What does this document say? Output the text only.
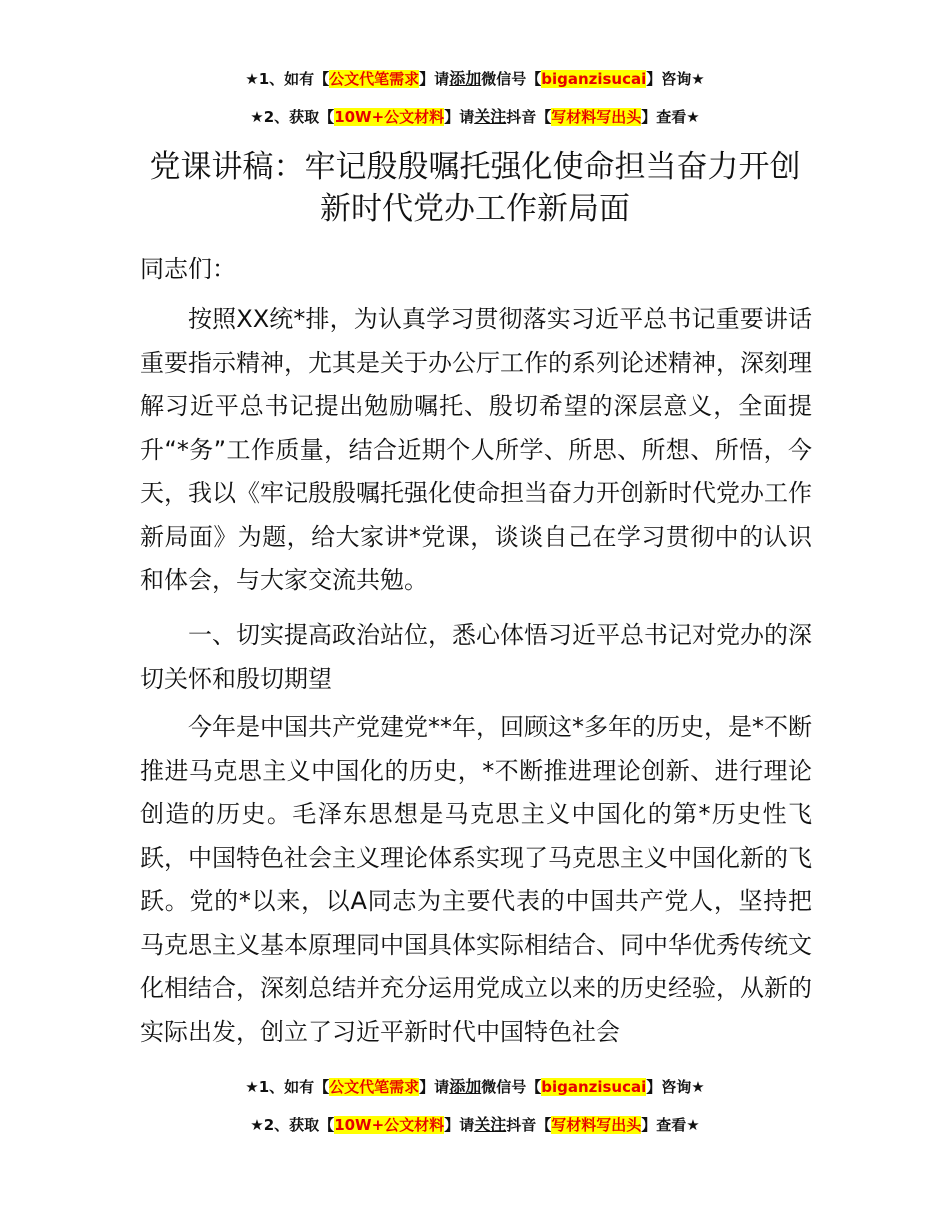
★1、如有【公文代笔需求】请添加微信号【biganzisucai】咨询★
★2、获取【10W+公文材料】请关注抖音【写材料写出头】查看★
党课讲稿：牢记殷殷嘱托强化使命担当奋力开创新时代党办工作新局面
同志们：

按照XX统*排，为认真学习贯彻落实习近平总书记重要讲话重要指示精神，尤其是关于办公厅工作的系列论述精神，深刻理解习近平总书记提出勉励嘱托、殷切希望的深层意义，全面提升“*务”工作质量，结合近期个人所学、所思、所想、所悟，今天，我以《牢记殷殷嘱托强化使命担当奋力开创新时代党办工作新局面》为题，给大家讲*党课，谈谈自己在学习贯彻中的认识和体会，与大家交流共勉。

一、切实提高政治站位，悉心体悟习近平总书记对党办的深切关怀和殷切期望

今年是中国共产党建党**年，回顾这*多年的历史，是*不断推进马克思主义中国化的历史，*不断推进理论创新、进行理论创造的历史。毛泽东思想是马克思主义中国化的第*历史性飞跃，中国特色社会主义理论体系实现了马克思主义中国化新的飞跃。党的*以来，以A同志为主要代表的中国共产党人，坚持把马克思主义基本原理同中国具体实际相结合、同中华优秀传统文化相结合，深刻总结并充分运用党成立以来的历史经验，从新的实际出发，创立了习近平新时代中国特色社会

★1、如有【公文代笔需求】请添加微信号【biganzisucai】咨询★
★2、获取【10W+公文材料】请关注抖音【写材料写出头】查看★
